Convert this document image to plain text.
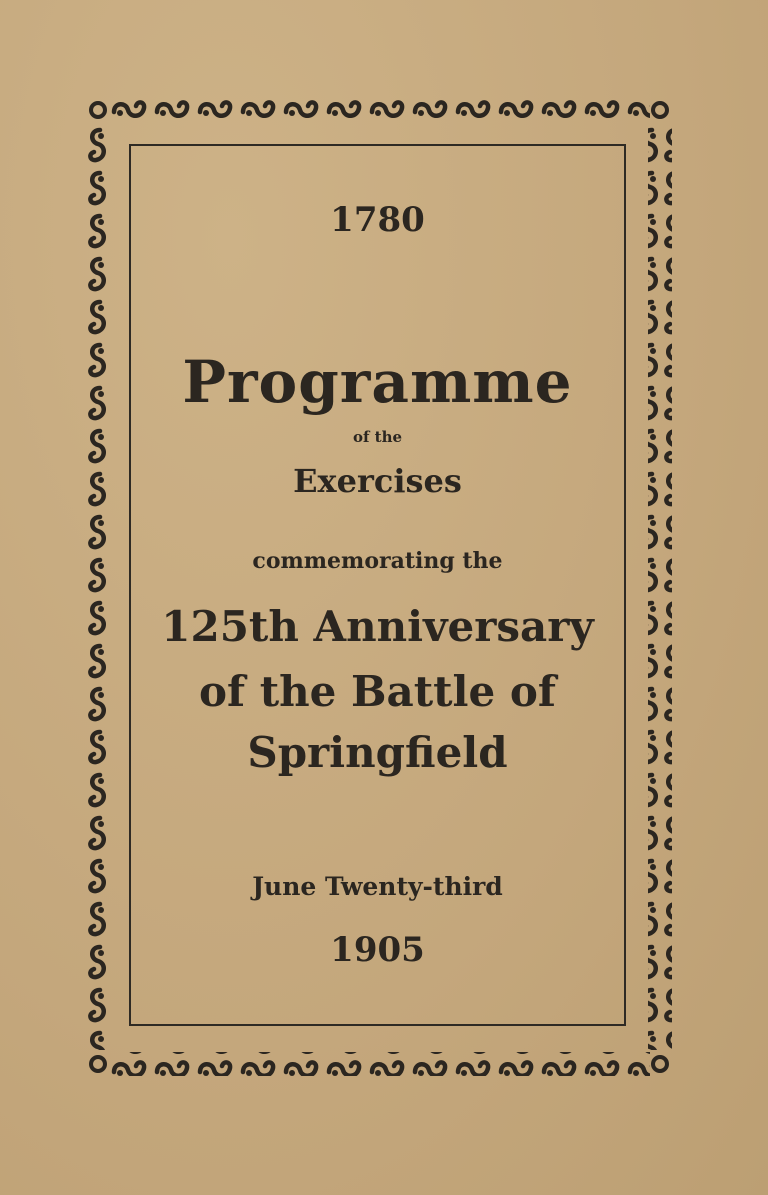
1780
Programme
of the
Exercises
commemorating the
125th Anniversary
of the Battle of
Springfield
June Twenty-third
1905
